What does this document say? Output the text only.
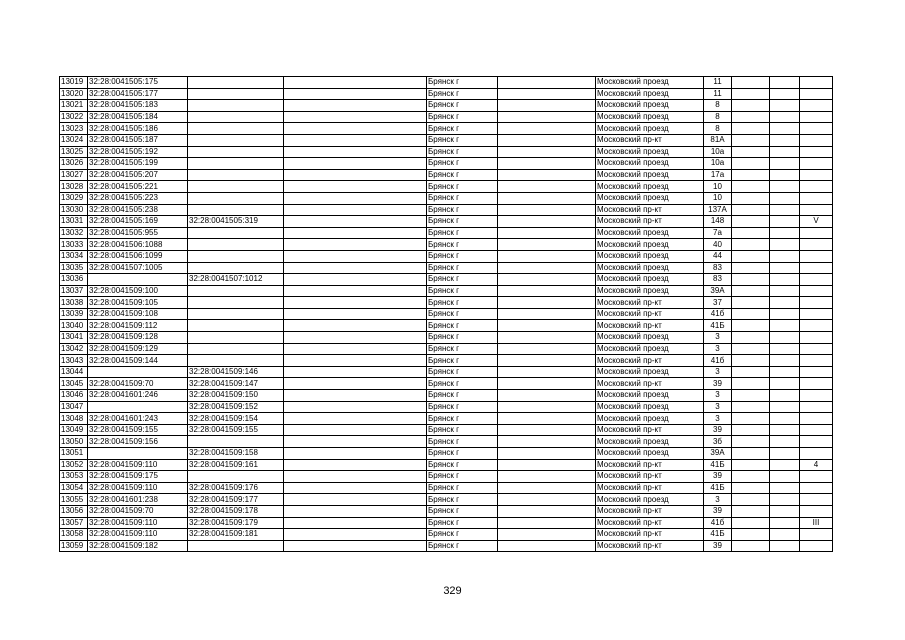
13019	32:28:0041505:175			Брянск г		Московский проезд	11			
13020	32:28:0041505:177			Брянск г		Московский проезд	11			
13021	32:28:0041505:183			Брянск г		Московский проезд	8			
13022	32:28:0041505:184			Брянск г		Московский проезд	8			
13023	32:28:0041505:186			Брянск г		Московский проезд	8			
13024	32:28:0041505:187			Брянск г		Московский пр-кт	81А			
13025	32:28:0041505:192			Брянск г		Московский проезд	10а			
13026	32:28:0041505:199			Брянск г		Московский проезд	10а			
13027	32:28:0041505:207			Брянск г		Московский проезд	17а			
13028	32:28:0041505:221			Брянск г		Московский проезд	10			
13029	32:28:0041505:223			Брянск г		Московский проезд	10			
13030	32:28:0041505:238			Брянск г		Московский пр-кт	137А			
13031	32:28:0041505:169	32:28:0041505:319		Брянск г		Московский пр-кт	148			V
13032	32:28:0041505:955			Брянск г		Московский проезд	7а			
13033	32:28:0041506:1088			Брянск г		Московский проезд	40			
13034	32:28:0041506:1099			Брянск г		Московский проезд	44			
13035	32:28:0041507:1005			Брянск г		Московский проезд	83			
13036		32:28:0041507:1012		Брянск г		Московский проезд	83			
13037	32:28:0041509:100			Брянск г		Московский проезд	39А			
13038	32:28:0041509:105			Брянск г		Московский пр-кт	37			
13039	32:28:0041509:108			Брянск г		Московский пр-кт	41б			
13040	32:28:0041509:112			Брянск г		Московский пр-кт	41Б			
13041	32:28:0041509:128			Брянск г		Московский проезд	3			
13042	32:28:0041509:129			Брянск г		Московский проезд	3			
13043	32:28:0041509:144			Брянск г		Московский пр-кт	41б			
13044		32:28:0041509:146		Брянск г		Московский проезд	3			
13045	32:28:0041509:70	32:28:0041509:147		Брянск г		Московский пр-кт	39			
13046	32:28:0041601:246	32:28:0041509:150		Брянск г		Московский проезд	3			
13047		32:28:0041509:152		Брянск г		Московский проезд	3			
13048	32:28:0041601:243	32:28:0041509:154		Брянск г		Московский проезд	3			
13049	32:28:0041509:155	32:28:0041509:155		Брянск г		Московский пр-кт	39			
13050	32:28:0041509:156			Брянск г		Московский проезд	3б			
13051		32:28:0041509:158		Брянск г		Московский проезд	39А			
13052	32:28:0041509:110	32:28:0041509:161		Брянск г		Московский пр-кт	41Б			4
13053	32:28:0041509:175			Брянск г		Московский пр-кт	39			
13054	32:28:0041509:110	32:28:0041509:176		Брянск г		Московский пр-кт	41Б			
13055	32:28:0041601:238	32:28:0041509:177		Брянск г		Московский проезд	3			
13056	32:28:0041509:70	32:28:0041509:178		Брянск г		Московский пр-кт	39			
13057	32:28:0041509:110	32:28:0041509:179		Брянск г		Московский пр-кт	41б			III
13058	32:28:0041509:110	32:28:0041509:181		Брянск г		Московский пр-кт	41Б			
13059	32:28:0041509:182			Брянск г		Московский пр-кт	39			
329
